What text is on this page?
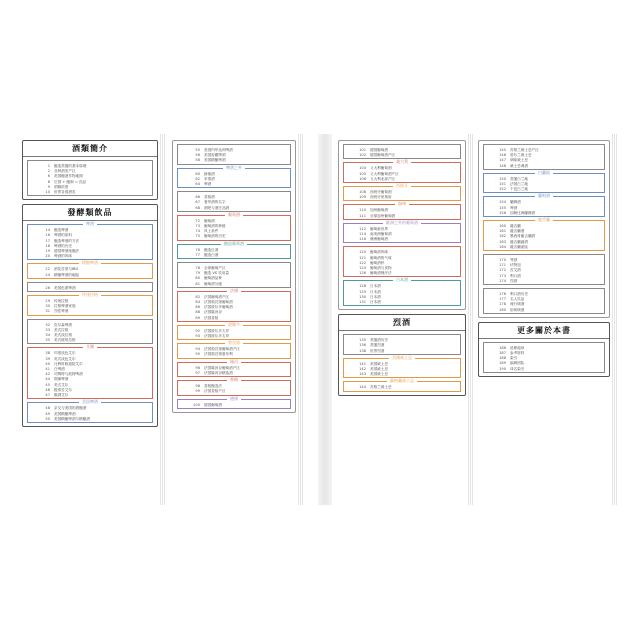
酒類簡介
1 酿造蒸馏的基本原理
2 各种酒类产区
6 美国酿酒作物地图
8 庄园 + 酿制 = 饮品
9 酒精浓度
10 世界各国酒类
發酵類飲品
啤酒
14 酿造啤酒
16 啤酒的原料
17 酿造啤酒的方法
18 啤酒的历史
19 德国啤酒纯酿法
20 啤酒的风味
精酿啤酒
22 酒花苦度与IBU
24 精酿啤酒的崛起
26 美国色系啤酒
传统拉格
29 传统拉格
30 拉格啤酒家族
31 烈性啤酒
32 皮尔森啤酒
33 美式拉格
34 美式淡拉格
35 美式琥珀拉格
艾爾
38 印度淡色艾尔
39 英式淡色艾尔
40 比利时修道院艾尔
41 白啤酒
42 司陶特与波特啤酒
44 烟熏啤酒
45 美式艾尔
46 极浓苦艾尔
47 酸酒艾尔
美国啤酒
48 杂交与美国的酒酿酒
49 美国精酿啤酒
50 美国精酿啤酒与精酿酒
55 美国内华达州啤酒
56 美国窖藏啤酒
58 美国精酿啤酒
啤酒之外
60 蜂蜜酒
62 苹果酒
64 啤酒
66 香槟酒
67 奢华酒的名字
68 酒吧与酒庄品酒
葡萄酒
72 葡萄酒
73 葡萄酒的种植
74 风土条件
75 葡萄酒的历史
酿造葡萄酒
76 酿造红酒
77 酿造白酒
78 全球葡萄产区
79 酿造 VS 饮用量
80 葡萄酒品种
81 葡萄酒分级
法國
82 法国葡萄酒产区
84 法国勃艮第葡萄酒
86 法国波尔多葡萄酒
88 法国隆河谷
89 法国香槟
波爾多
92 法国波尔多左岸
93 法国波尔多右岸
勃艮第
94 法国勃艮第葡萄酒产区
95 法国勃艮第夏布利
隆河
96 法国隆河谷葡萄酒产区
97 法国隆河谷精选酒
香檳
98 香槟酿造法
99 法国香槟产区
德國
100 德国葡萄酒
101 德国葡萄酒
102 德国葡萄酒产区
義大利
104 义大利葡萄酒
105 义大利葡萄酒产区
106 义大利北部产区
西班牙
108 西班牙葡萄酒
109 西班牙里奥哈
加州
110 加州葡萄酒
111 全球加州葡萄酒
歐洲之外的葡萄酒
112 葡萄新世界
114 南美洲葡萄酒
116 澳洲葡萄酒
120 葡萄酒风味
121 葡萄酒的气味
122 葡萄酒杯
124 葡萄酒与食物
126 葡萄酒理疗法
日本酒
128 日本酒
129 日本酒
130 日本酒
131 日本酒
烈酒
135 蒸馏酒历史
136 蒸馏烈酒
138 世界烈酒
美國威士忌
141 美国威士忌
142 美国威士忌
143 美国威士忌
蘇格蘭威士忌
144 苏格兰威士忌
145 苏格兰威士忌产区
146 爱尔兰威士忌
147 调味威士忌
148 威士忌调酒
白蘭地
150 蒸馏白兰地
151 法国白兰地
152 干邑白兰地
蘭姆酒
154 蘭姆酒
155 啤酒
156 加勒比海蘭姆酒
龍舌蘭
160 龍舌蘭
161 龍舌蘭酒
162 墨西哥龍舌蘭酒
163 龍舌蘭調酒
164 龍舌蘭產區
170 琴酒
171 伏特加
172 苦艾酒
173 利口酒
174 烈酒
176 利口酒历史
177 名人饮品
178 流行调酒
180 如何调酒
更多關於本書
186 延伸阅读
187 参考资料
188 索引
189 编辑团队
190 译名索引
